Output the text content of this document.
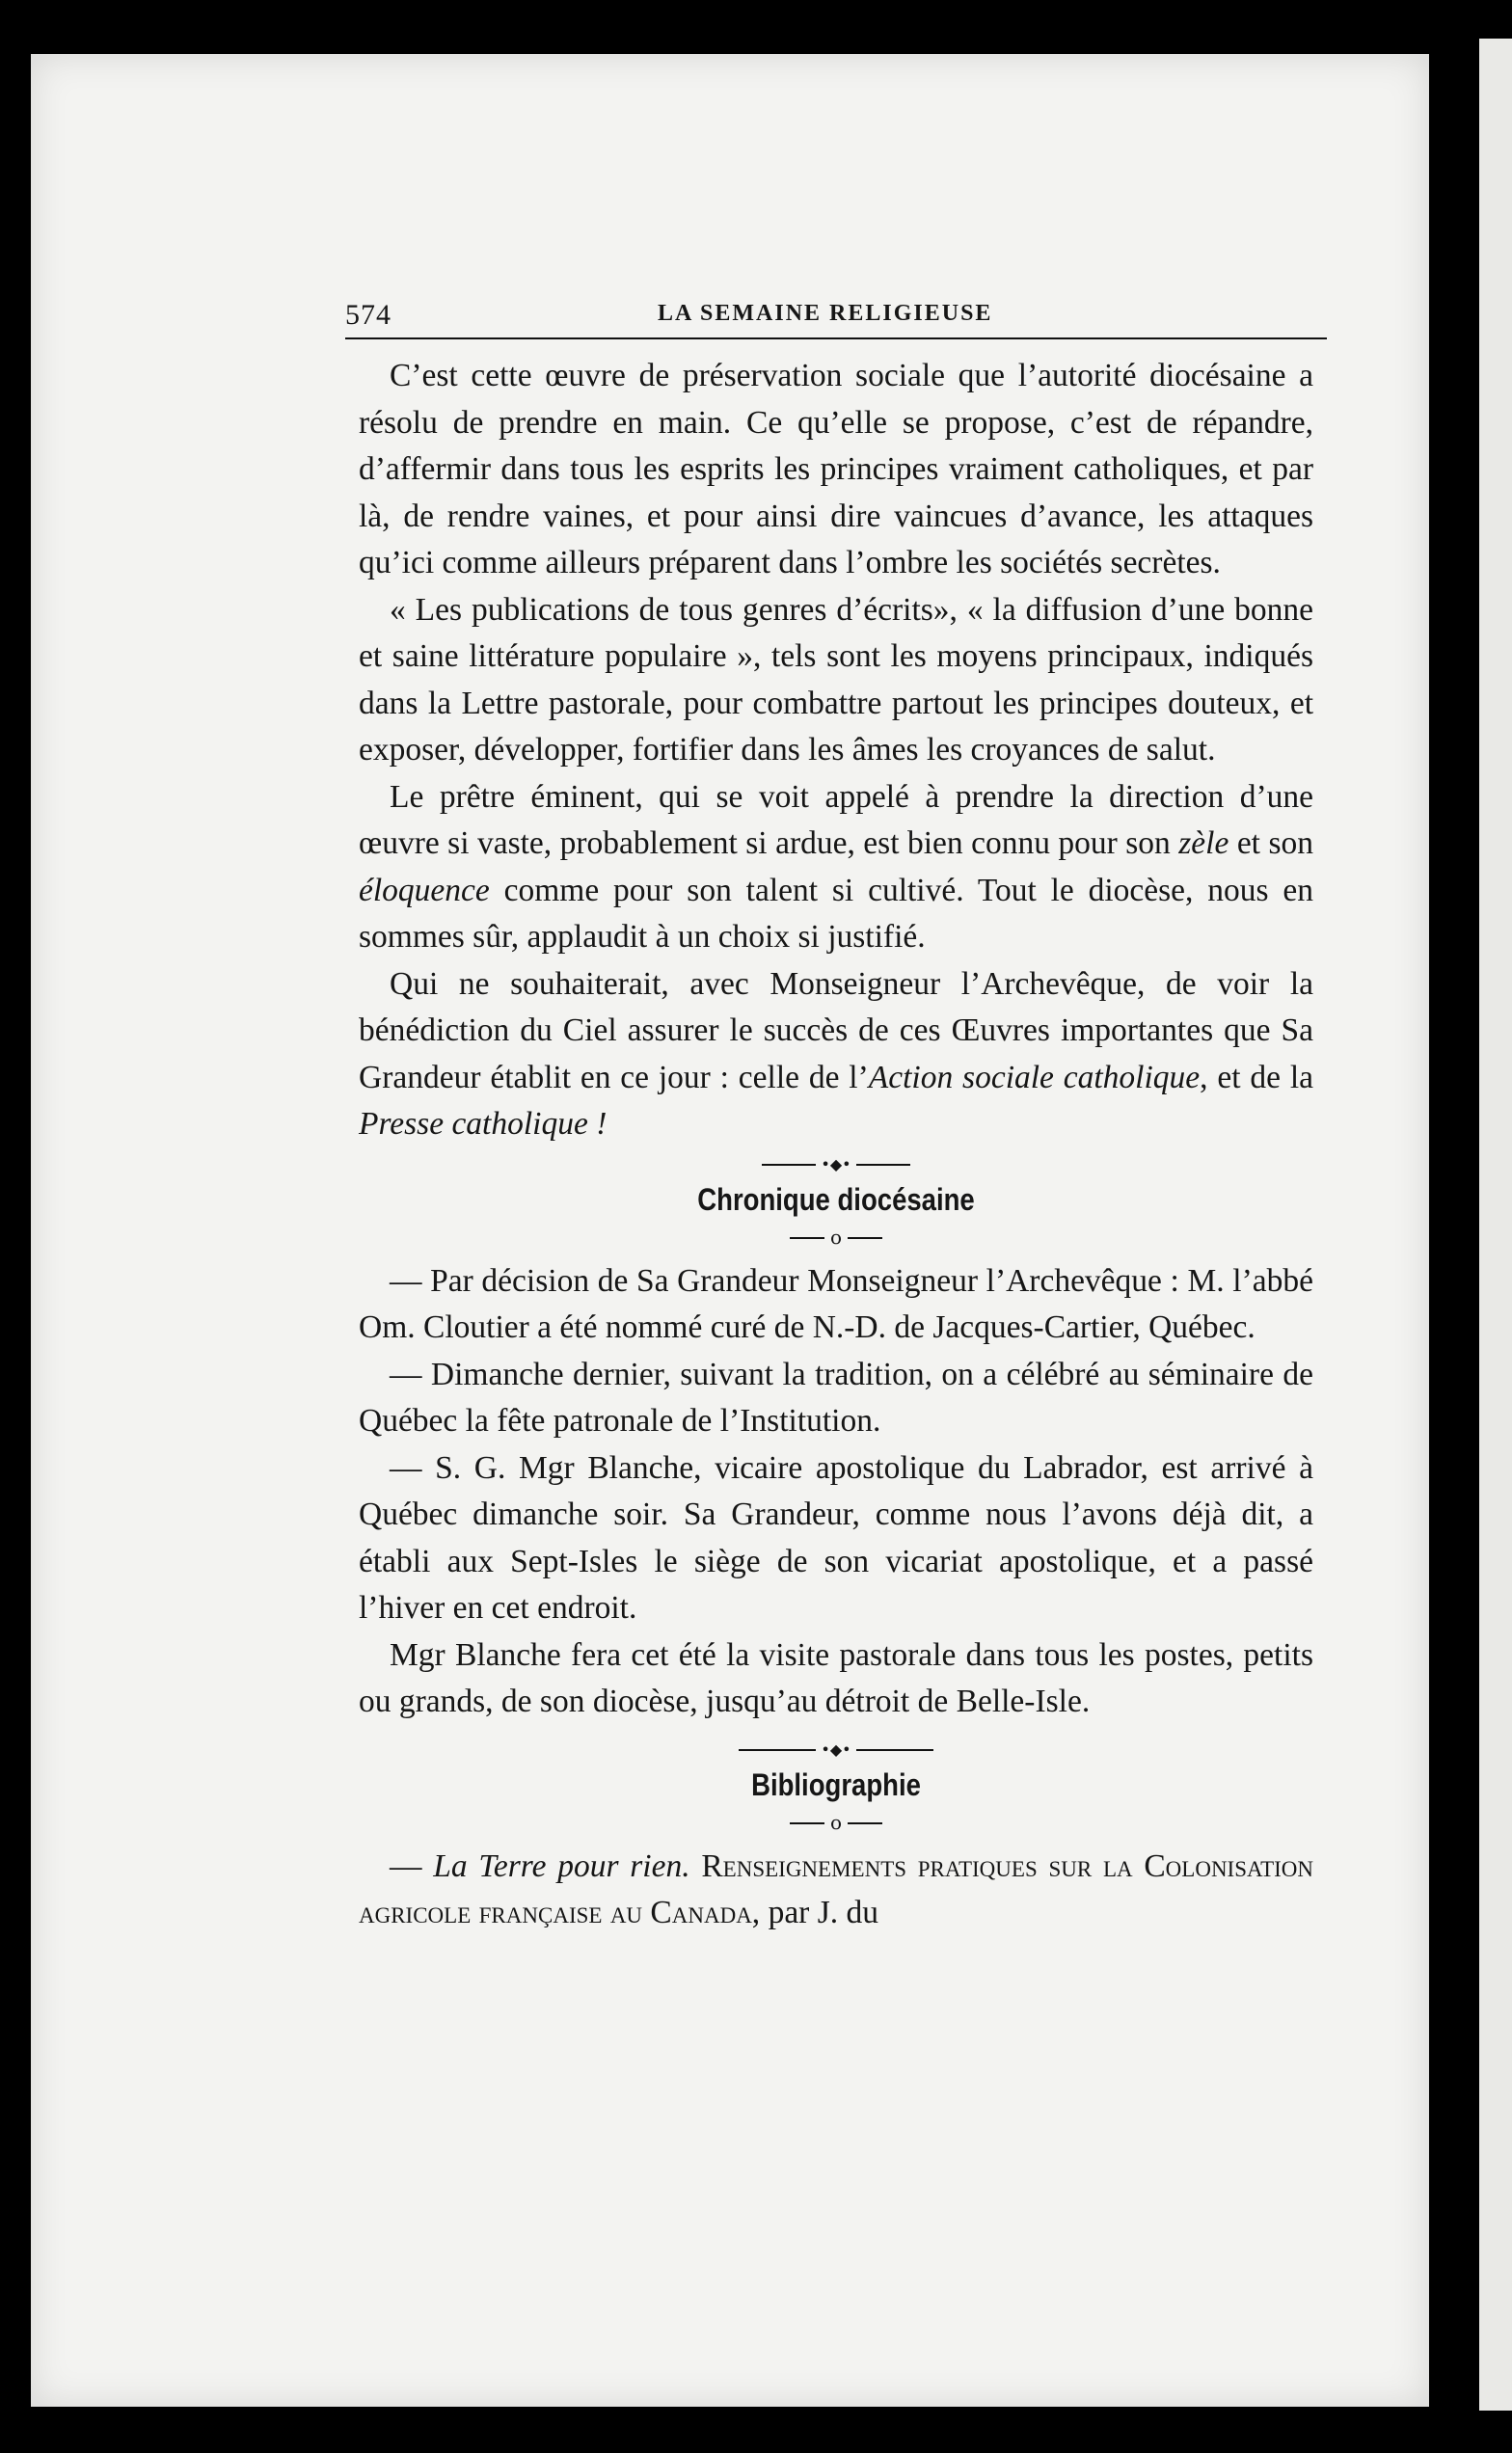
574	LA SEMAINE RELIGIEUSE

C’est cette œuvre de préservation sociale que l’autorité diocésaine a résolu de prendre en main. Ce qu’elle se propose, c’est de répandre, d’affermir dans tous les esprits les principes vraiment catholiques, et par là, de rendre vaines, et pour ainsi dire vaincues d’avance, les attaques qu’ici comme ailleurs préparent dans l’ombre les sociétés secrètes.

« Les publications de tous genres d’écrits», « la diffusion d’une bonne et saine littérature populaire », tels sont les moyens principaux, indiqués dans la Lettre pastorale, pour combattre partout les principes douteux, et exposer, développer, fortifier dans les âmes les croyances de salut.

Le prêtre éminent, qui se voit appelé à prendre la direction d’une œuvre si vaste, probablement si ardue, est bien connu pour son zèle et son éloquence comme pour son talent si cultivé. Tout le diocèse, nous en sommes sûr, applaudit à un choix si justifié.

Qui ne souhaiterait, avec Monseigneur l’Archevêque, de voir la bénédiction du Ciel assurer le succès de ces Œuvres importantes que Sa Grandeur établit en ce jour : celle de l’Action sociale catholique, et de la Presse catholique !

•◆•
Chronique diocésaine
o

— Par décision de Sa Grandeur Monseigneur l’Archevêque : M. l’abbé Om. Cloutier a été nommé curé de N.-D. de Jacques-Cartier, Québec.

— Dimanche dernier, suivant la tradition, on a célébré au séminaire de Québec la fête patronale de l’Institution.

— S. G. Mgr Blanche, vicaire apostolique du Labrador, est arrivé à Québec dimanche soir. Sa Grandeur, comme nous l’avons déjà dit, a établi aux Sept-Isles le siège de son vicariat apostolique, et a passé l’hiver en cet endroit.

Mgr Blanche fera cet été la visite pastorale dans tous les postes, petits ou grands, de son diocèse, jusqu’au détroit de Belle-Isle.

•◆•
Bibliographie
o

— La Terre pour rien. Renseignements pratiques sur la Colonisation agricole française au Canada, par J. du
